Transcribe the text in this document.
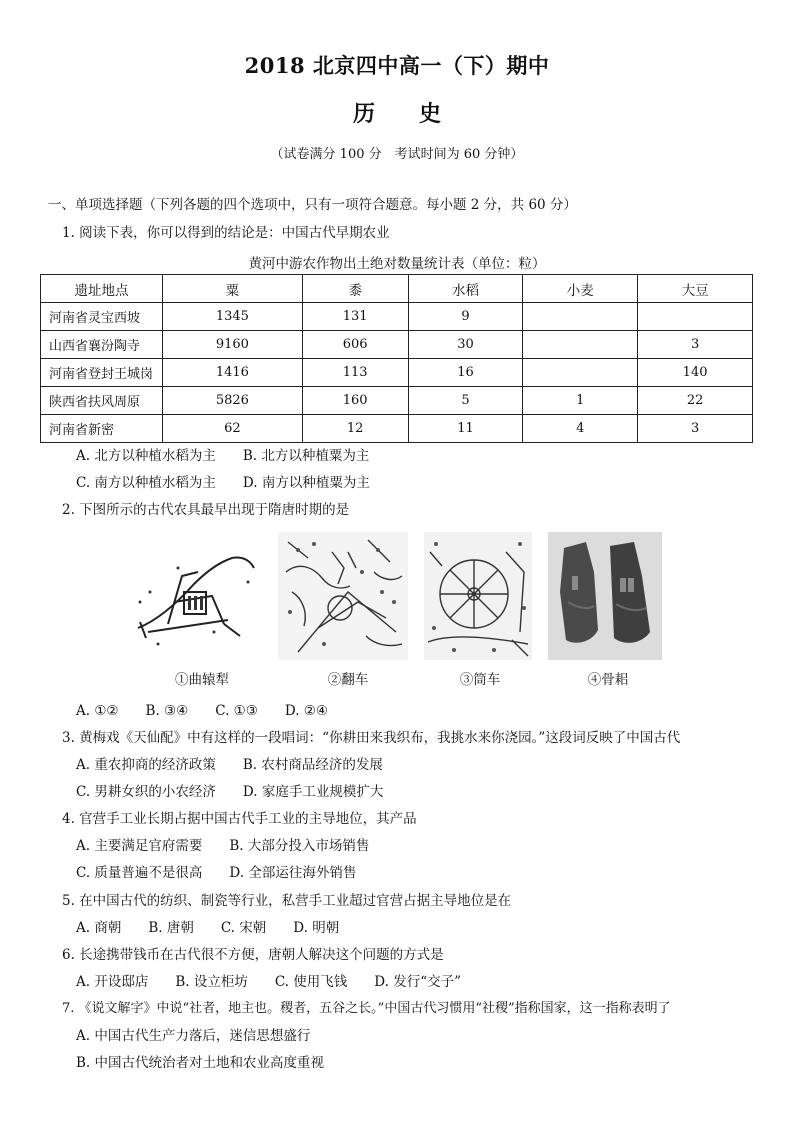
2018 北京四中高一（下）期中
历史
（试卷满分 100 分　考试时间为 60 分钟）
一、单项选择题（下列各题的四个选项中，只有一项符合题意。每小题 2 分，共 60 分）
1. 阅读下表，你可以得到的结论是：中国古代早期农业
黄河中游农作物出土绝对数量统计表（单位：粒）
遗址地点	粟	黍	水稻	小麦	大豆
河南省灵宝西坡	1345	131	9		
山西省襄汾陶寺	9160	606	30		3
河南省登封王城岗	1416	113	16		140
陕西省扶风周原	5826	160	5	1	22
河南省新密	62	12	11	4	3
A. 北方以种植水稻为主　　B. 北方以种植粟为主
C. 南方以种植水稻为主　　D. 南方以种植粟为主
2. 下图所示的古代农具最早出现于隋唐时期的是
①曲辕犁	②翻车	③筒车	④骨耜
A. ①②　　B. ③④　　C. ①③　　D. ②④
3. 黄梅戏《天仙配》中有这样的一段唱词：“你耕田来我织布，我挑水来你浇园。”这段词反映了中国古代
A. 重农抑商的经济政策　　B. 农村商品经济的发展
C. 男耕女织的小农经济　　D. 家庭手工业规模扩大
4. 官营手工业长期占据中国古代手工业的主导地位，其产品
A. 主要满足官府需要　　B. 大部分投入市场销售
C. 质量普遍不是很高　　D. 全部运往海外销售
5. 在中国古代的纺织、制瓷等行业，私营手工业超过官营占据主导地位是在
A. 商朝　　B. 唐朝　　C. 宋朝　　D. 明朝
6. 长途携带钱币在古代很不方便，唐朝人解决这个问题的方式是
A. 开设邸店　　B. 设立柜坊　　C. 使用飞钱　　D. 发行“交子”
7. 《说文解字》中说“社者，地主也。稷者，五谷之长。”中国古代习惯用“社稷”指称国家，这一指称表明了
A. 中国古代生产力落后，迷信思想盛行
B. 中国古代统治者对土地和农业高度重视
